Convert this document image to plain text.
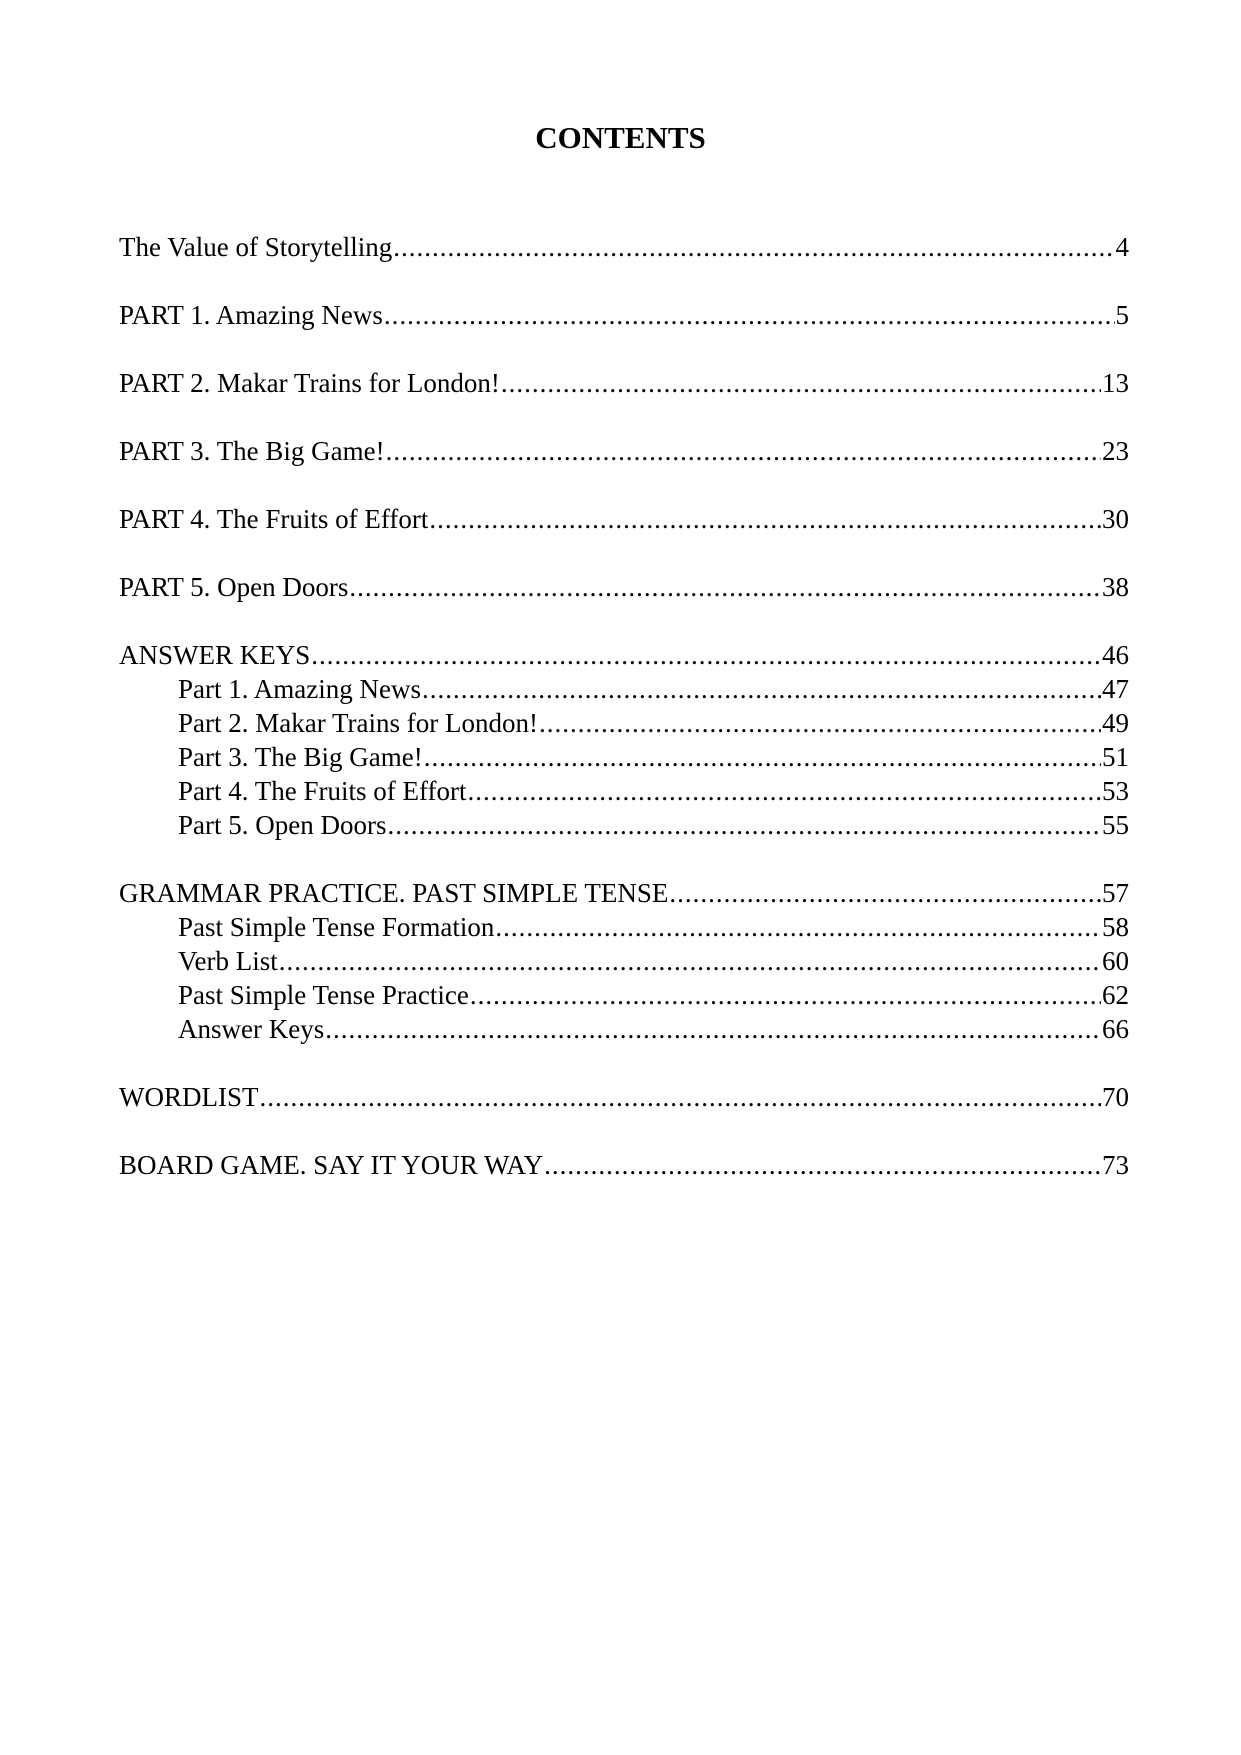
CONTENTS
The Value of Storytelling .....	4
PART 1. Amazing News .....	5
PART 2. Makar Trains for London! .....	13
PART 3. The Big Game! .....	23
PART 4. The Fruits of Effort .....	30
PART 5. Open Doors .....	38
ANSWER KEYS .....	46
Part 1. Amazing News .....	47
Part 2. Makar Trains for London! .....	49
Part 3. The Big Game! .....	51
Part 4. The Fruits of Effort .....	53
Part 5. Open Doors .....	55
GRAMMAR PRACTICE. PAST SIMPLE TENSE .....	57
Past Simple Tense Formation .....	58
Verb List .....	60
Past Simple Tense Practice .....	62
Answer Keys .....	66
WORDLIST .....	70
BOARD GAME. SAY IT YOUR WAY .....	73
